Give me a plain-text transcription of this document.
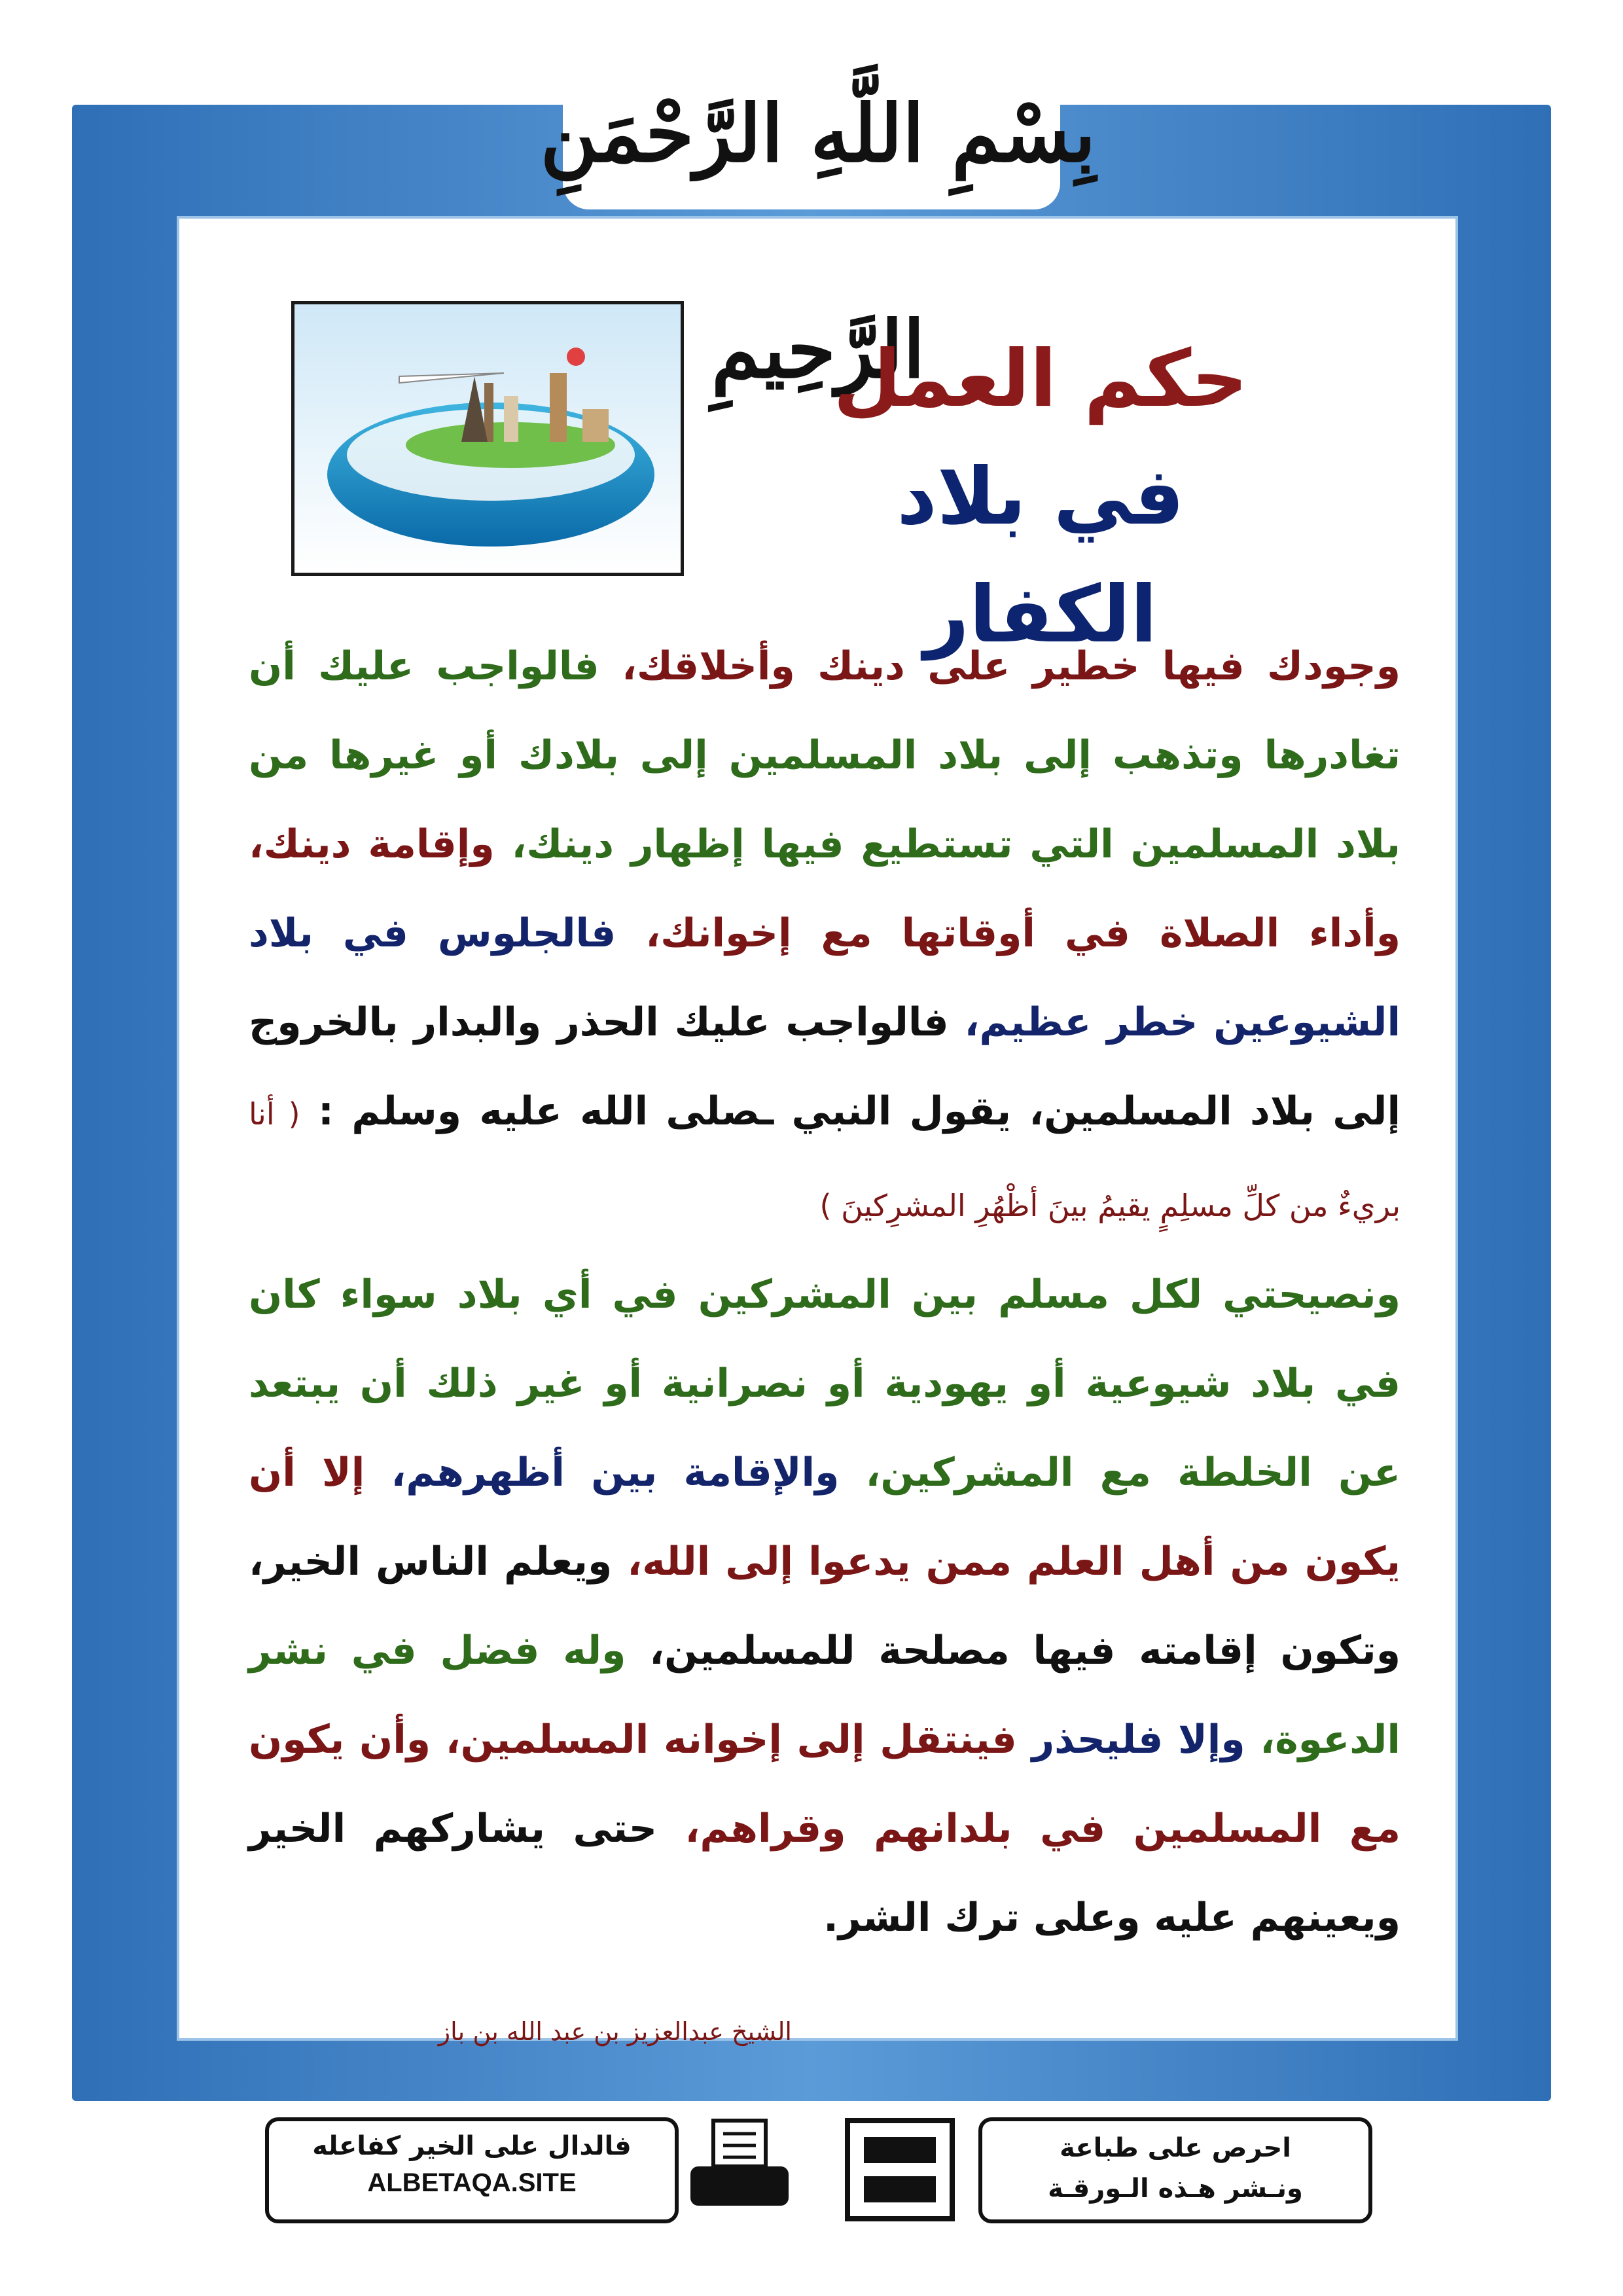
بِسْمِ اللَّهِ الرَّحْمَنِ الرَّحِيمِ
حكم العمل
في بلاد الكفار

وجودك فيها خطير على دينك وأخلاقك، فالواجب عليك أن تغادرها وتذهب إلى بلاد المسلمين إلى بلادك أو غيرها من بلاد المسلمين التي تستطيع فيها إظهار دينك، وإقامة دينك، وأداء الصلاة في أوقاتها مع إخوانك، فالجلوس في بلاد الشيوعين خطر عظيم، فالواجب عليك الحذر والبدار بالخروج إلى بلاد المسلمين، يقول النبي ـصلى الله عليه وسلم : ( أنا بريءٌ من كلِّ مسلِمٍ يقيمُ بينَ أظْهُرِ المشرِكينَ )

ونصيحتي لكل مسلم بين المشركين في أي بلاد سواء كان في بلاد شيوعية أو يهودية أو نصرانية أو غير ذلك أن يبتعد عن الخلطة مع المشركين، والإقامة بين أظهرهم، إلا أن يكون من أهل العلم ممن يدعوا إلى الله، ويعلم الناس الخير، وتكون إقامته فيها مصلحة للمسلمين، وله فضل في نشر الدعوة، وإلا فليحذر فينتقل إلى إخوانه المسلمين، وأن يكون مع المسلمين في بلدانهم وقراهم، حتى يشاركهم الخير ويعينهم عليه وعلى ترك الشر.

الشيخ عبدالعزيز بن عبد الله بن باز
احرص على طباعة
ونـشر هـذه الـورقـة
فالدال على الخير كفاعله
ALBETAQA.SITE
